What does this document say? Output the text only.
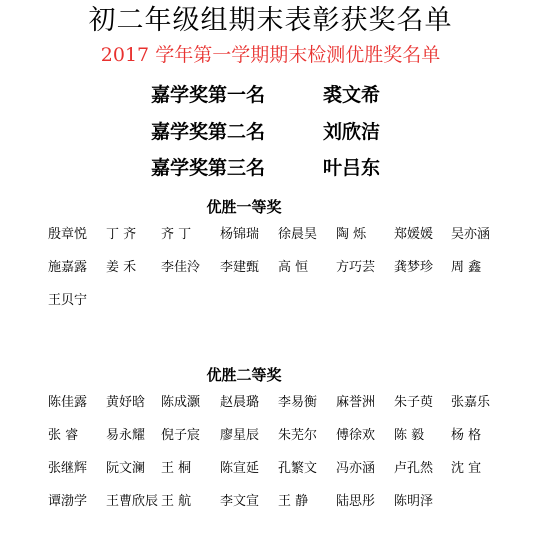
初二年级组期末表彰获奖名单
2017 学年第一学期期末检测优胜奖名单
嘉学奖第一名	裘文希
嘉学奖第二名	刘欣洁
嘉学奖第三名	叶吕东
优胜一等奖
殷章悦 丁 齐 齐 丁 杨锦瑞 徐晨昊 陶 烁 郑媛媛 吴亦涵
施嘉露 姜 禾 李佳泠 李建甄 高 恒 方巧芸 龚梦珍 周 鑫
王贝宁
优胜二等奖
陈佳露 黄妤晗 陈成灏 赵晨璐 李易衡 麻誉洲 朱子萸 张嘉乐
张 睿 易永耀 倪子宸 廖星辰 朱芜尔 傅徐欢 陈 毅 杨 格
张继辉 阮文澜 王 桐 陈宣延 孔繁文 冯亦涵 卢孔然 沈 宜
谭渤学 王曹欣辰 王 航 李文宣 王 静 陆思彤 陈明泽
